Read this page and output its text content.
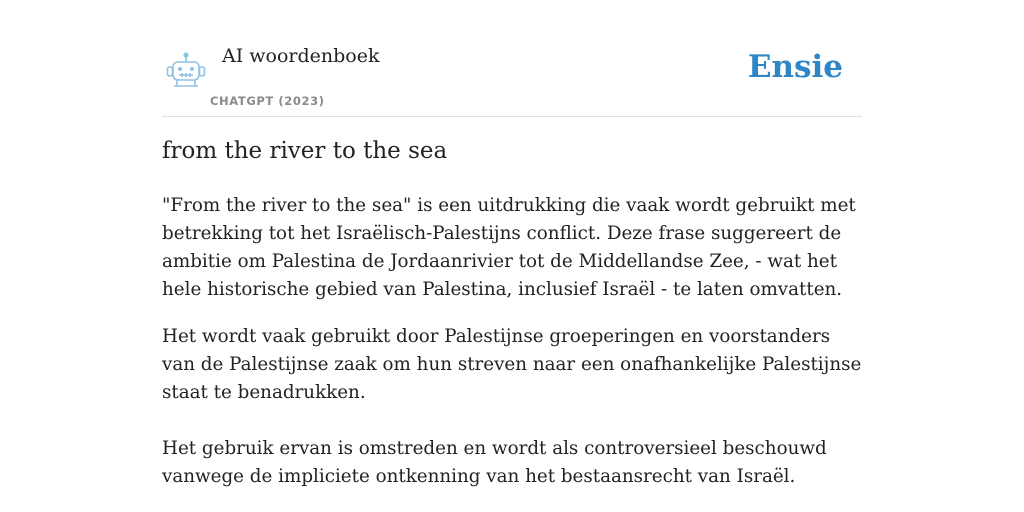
AI woordenboek
CHATGPT (2023)
Ensie
from the river to the sea

"From the river to the sea" is een uitdrukking die vaak wordt gebruikt met betrekking tot het Israëlisch-Palestijns conflict. Deze frase suggereert de ambitie om Palestina de Jordaanrivier tot de Middellandse Zee, - wat het hele historische gebied van Palestina, inclusief Israël - te laten omvatten.

Het wordt vaak gebruikt door Palestijnse groeperingen en voorstanders van de Palestijnse zaak om hun streven naar een onafhankelijke Palestijnse staat te benadrukken.

Het gebruik ervan is omstreden en wordt als controversieel beschouwd vanwege de impliciete ontkenning van het bestaansrecht van Israël.
